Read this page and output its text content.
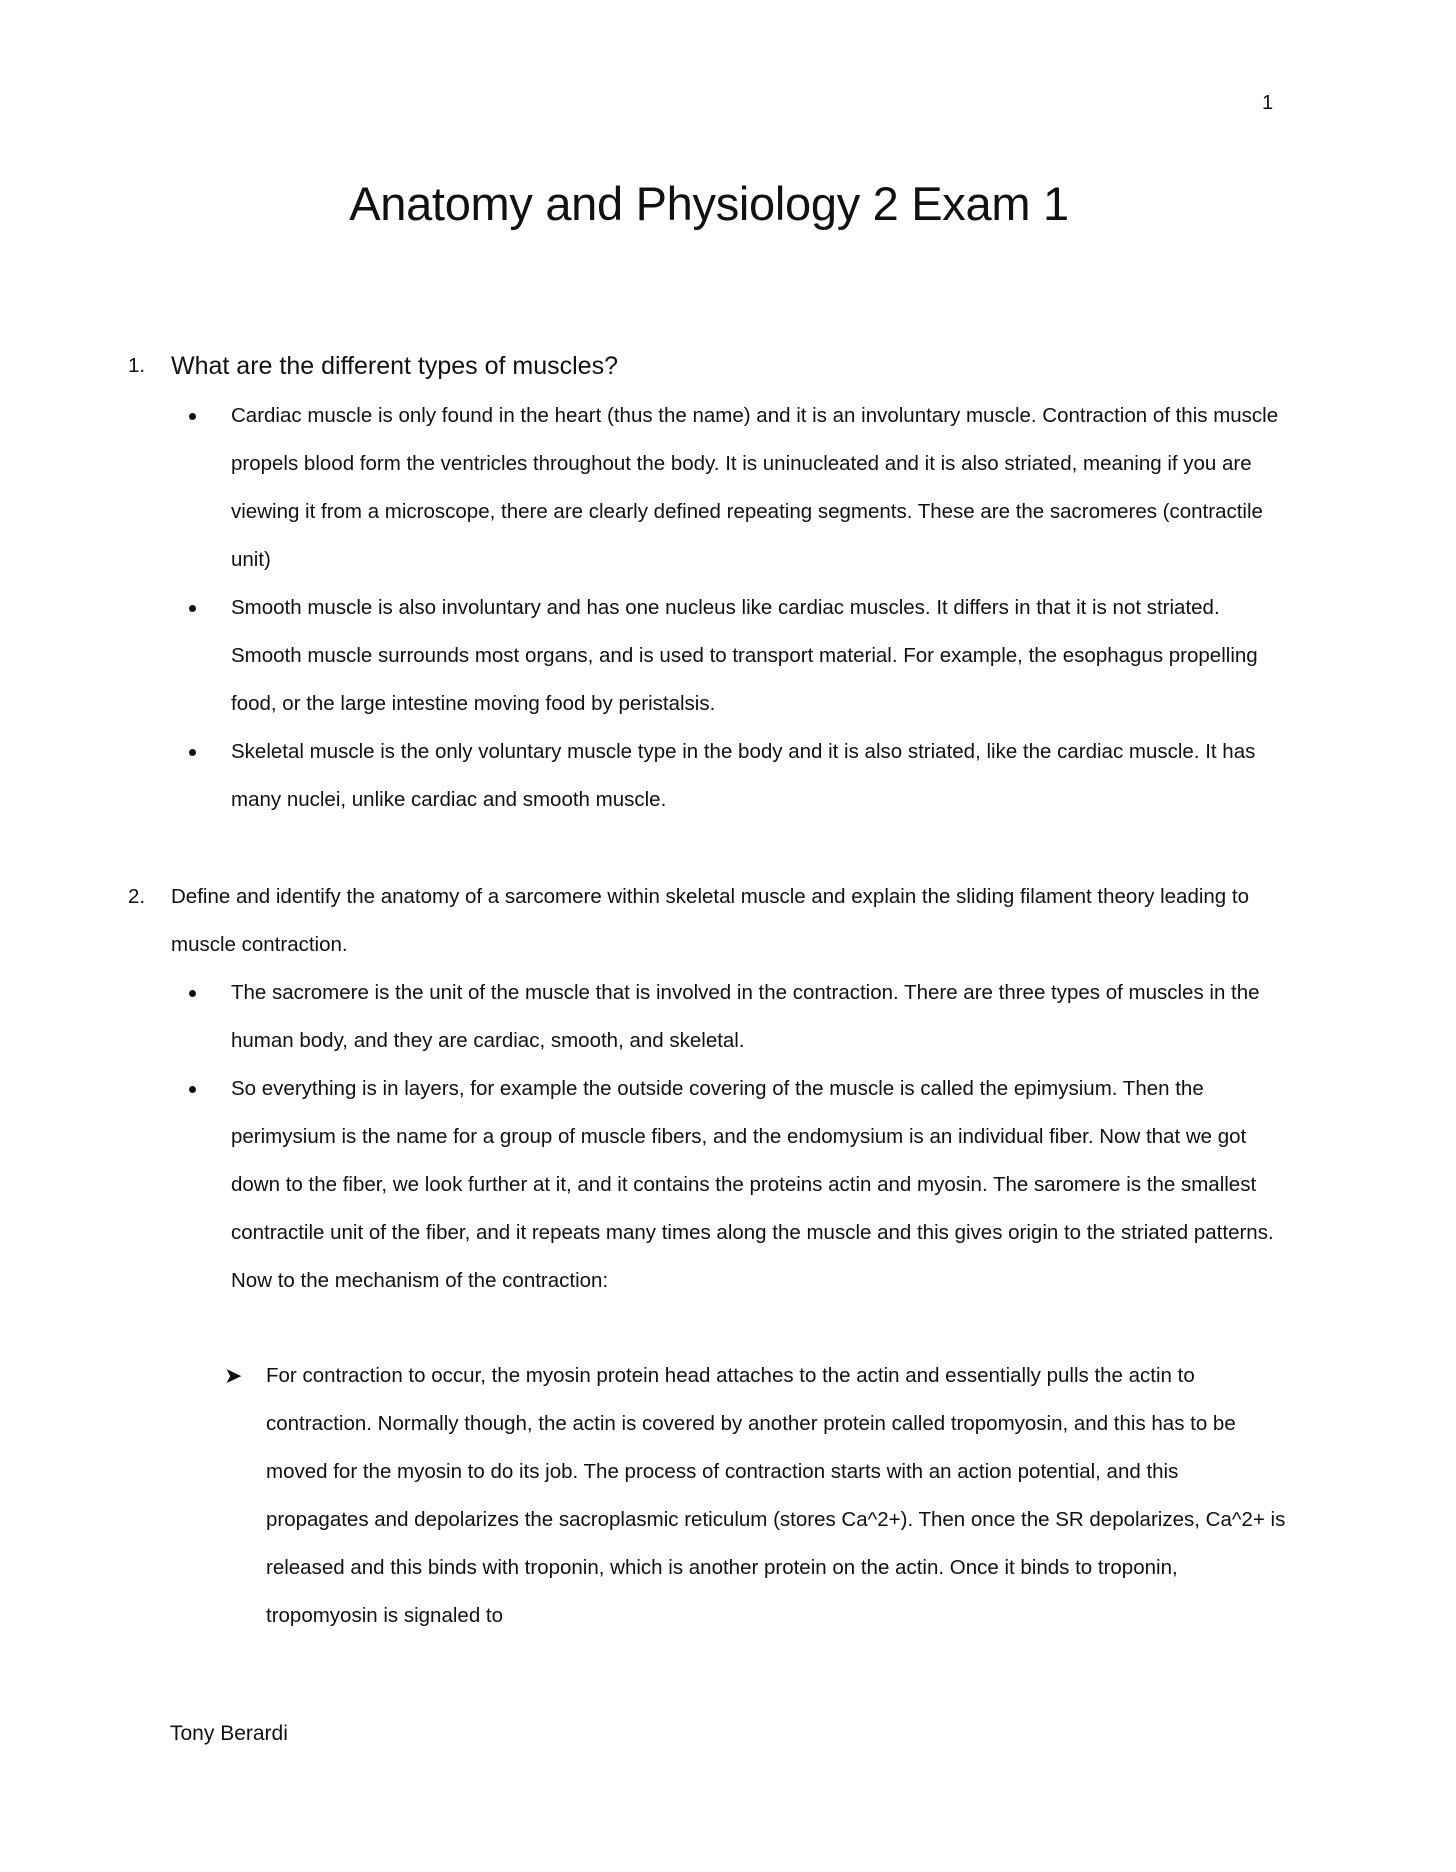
1
Anatomy and Physiology 2 Exam 1
1. What are the different types of muscles?
Cardiac muscle is only found in the heart (thus the name) and it is an involuntary muscle. Contraction of this muscle propels blood form the ventricles throughout the body. It is uninucleated and it is also striated, meaning if you are viewing it from a microscope, there are clearly defined repeating segments. These are the sacromeres (contractile unit)
Smooth muscle is also involuntary and has one nucleus like cardiac muscles. It differs in that it is not striated. Smooth muscle surrounds most organs, and is used to transport material. For example, the esophagus propelling food, or the large intestine moving food by peristalsis.
Skeletal muscle is the only voluntary muscle type in the body and it is also striated, like the cardiac muscle. It has many nuclei, unlike cardiac and smooth muscle.
2. Define and identify the anatomy of a sarcomere within skeletal muscle and explain the sliding filament theory leading to muscle contraction.
The sacromere is the unit of the muscle that is involved in the contraction. There are three types of muscles in the human body, and they are cardiac, smooth, and skeletal.
So everything is in layers, for example the outside covering of the muscle is called the epimysium. Then the perimysium is the name for a group of muscle fibers, and the endomysium is an individual fiber. Now that we got down to the fiber, we look further at it, and it contains the proteins actin and myosin. The saromere is the smallest contractile unit of the fiber, and it repeats many times along the muscle and this gives origin to the striated patterns. Now to the mechanism of the contraction:
➤ For contraction to occur, the myosin protein head attaches to the actin and essentially pulls the actin to contraction. Normally though, the actin is covered by another protein called tropomyosin, and this has to be moved for the myosin to do its job. The process of contraction starts with an action potential, and this propagates and depolarizes the sacroplasmic reticulum (stores Ca^2+). Then once the SR depolarizes, Ca^2+ is released and this binds with troponin, which is another protein on the actin. Once it binds to troponin, tropomyosin is signaled to
Tony Berardi
